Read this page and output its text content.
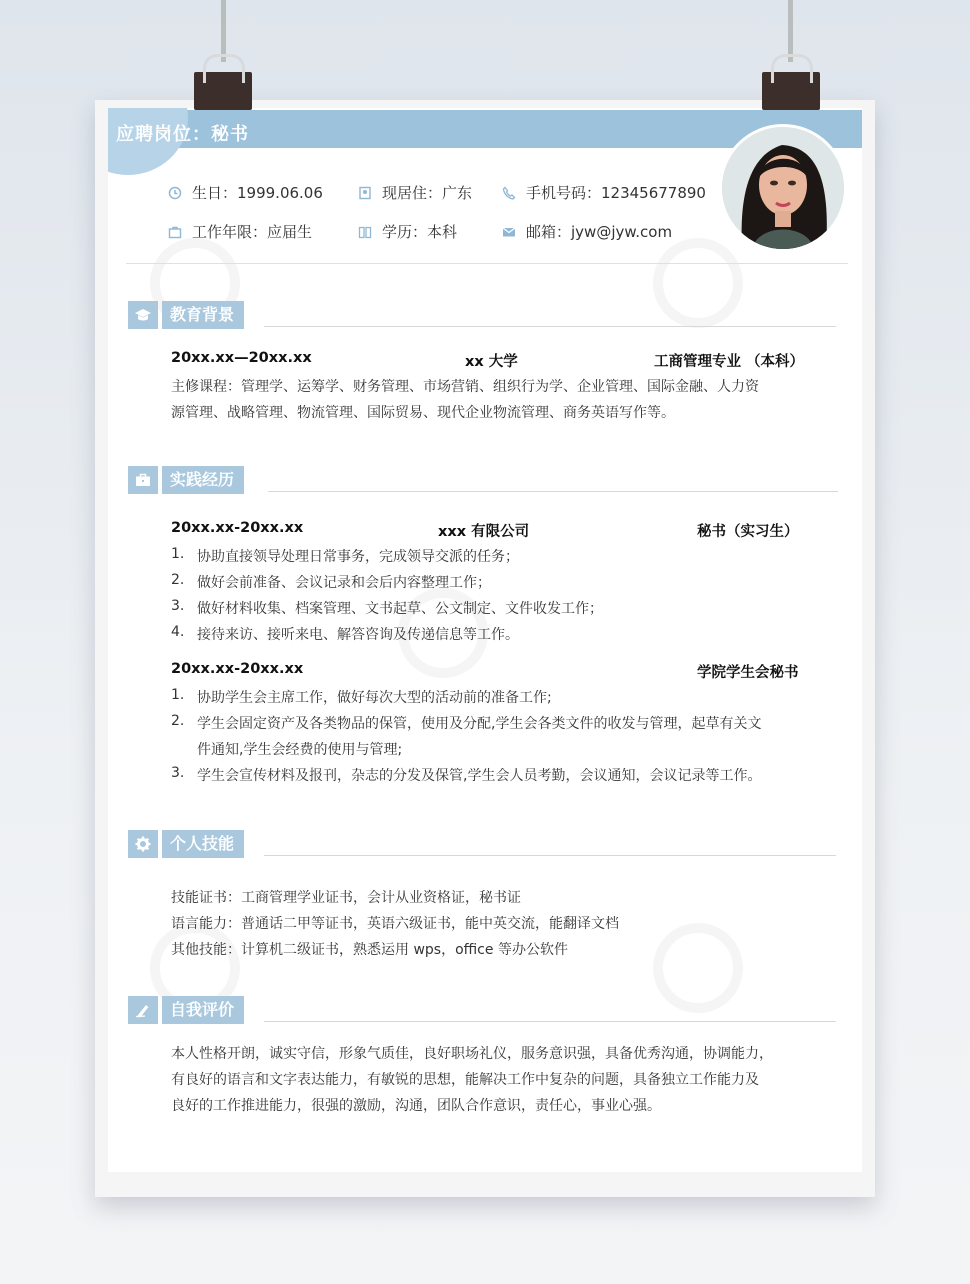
应聘岗位：秘书
生日：1999.06.06	现居住：广东	手机号码：12345677890
工作年限：应届生	学历：本科	邮箱：jyw@jyw.com
教育背景
20xx.xx—20xx.xx	xx 大学	工商管理专业 （本科）
主修课程：管理学、运筹学、财务管理、市场营销、组织行为学、企业管理、国际金融、人力资
源管理、战略管理、物流管理、国际贸易、现代企业物流管理、商务英语写作等。
实践经历
20xx.xx-20xx.xx	xxx 有限公司	秘书（实习生）
1. 协助直接领导处理日常事务，完成领导交派的任务；
2. 做好会前准备、会议记录和会后内容整理工作；
3. 做好材料收集、档案管理、文书起草、公文制定、文件收发工作；
4. 接待来访、接听来电、解答咨询及传递信息等工作。
20xx.xx-20xx.xx	学院学生会秘书
1. 协助学生会主席工作，做好每次大型的活动前的准备工作;
2. 学生会固定资产及各类物品的保管，使用及分配,学生会各类文件的收发与管理，起草有关文
件通知,学生会经费的使用与管理;
3. 学生会宣传材料及报刊，杂志的分发及保管,学生会人员考勤，会议通知，会议记录等工作。
个人技能
技能证书：工商管理学业证书，会计从业资格证，秘书证
语言能力：普通话二甲等证书，英语六级证书，能中英交流，能翻译文档
其他技能：计算机二级证书，熟悉运用 wps，office 等办公软件
自我评价
本人性格开朗，诚实守信，形象气质佳，良好职场礼仪，服务意识强，具备优秀沟通，协调能力，
有良好的语言和文字表达能力，有敏锐的思想，能解决工作中复杂的问题，具备独立工作能力及
良好的工作推进能力，很强的激励，沟通，团队合作意识，责任心，事业心强。
